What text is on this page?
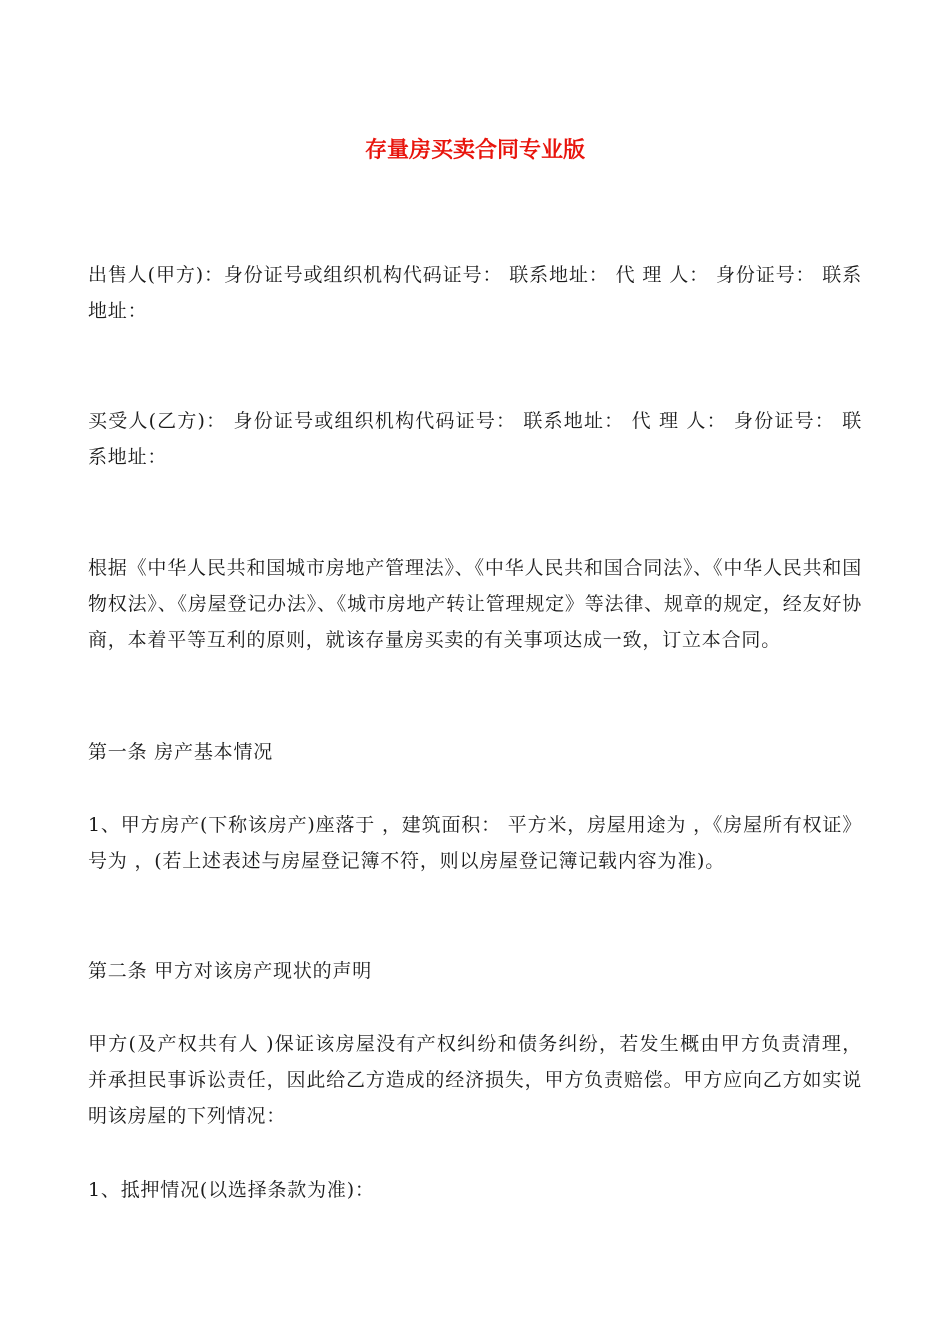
存量房买卖合同专业版

出售人(甲方)：身份证号或组织机构代码证号： 联系地址： 代 理 人： 身份证号： 联系地址：

买受人(乙方)： 身份证号或组织机构代码证号： 联系地址： 代 理 人： 身份证号： 联系地址：

根据《中华人民共和国城市房地产管理法》、《中华人民共和国合同法》、《中华人民共和国物权法》、《房屋登记办法》、《城市房地产转让管理规定》等法律、规章的规定，经友好协商，本着平等互利的原则，就该存量房买卖的有关事项达成一致，订立本合同。

第一条 房产基本情况

1、甲方房产(下称该房产)座落于 ，建筑面积： 平方米，房屋用途为 ，《房屋所有权证》号为 ，(若上述表述与房屋登记簿不符，则以房屋登记簿记载内容为准)。

第二条 甲方对该房产现状的声明

甲方(及产权共有人 )保证该房屋没有产权纠纷和债务纠纷，若发生概由甲方负责清理，并承担民事诉讼责任，因此给乙方造成的经济损失，甲方负责赔偿。甲方应向乙方如实说明该房屋的下列情况：

1、抵押情况(以选择条款为准)：
